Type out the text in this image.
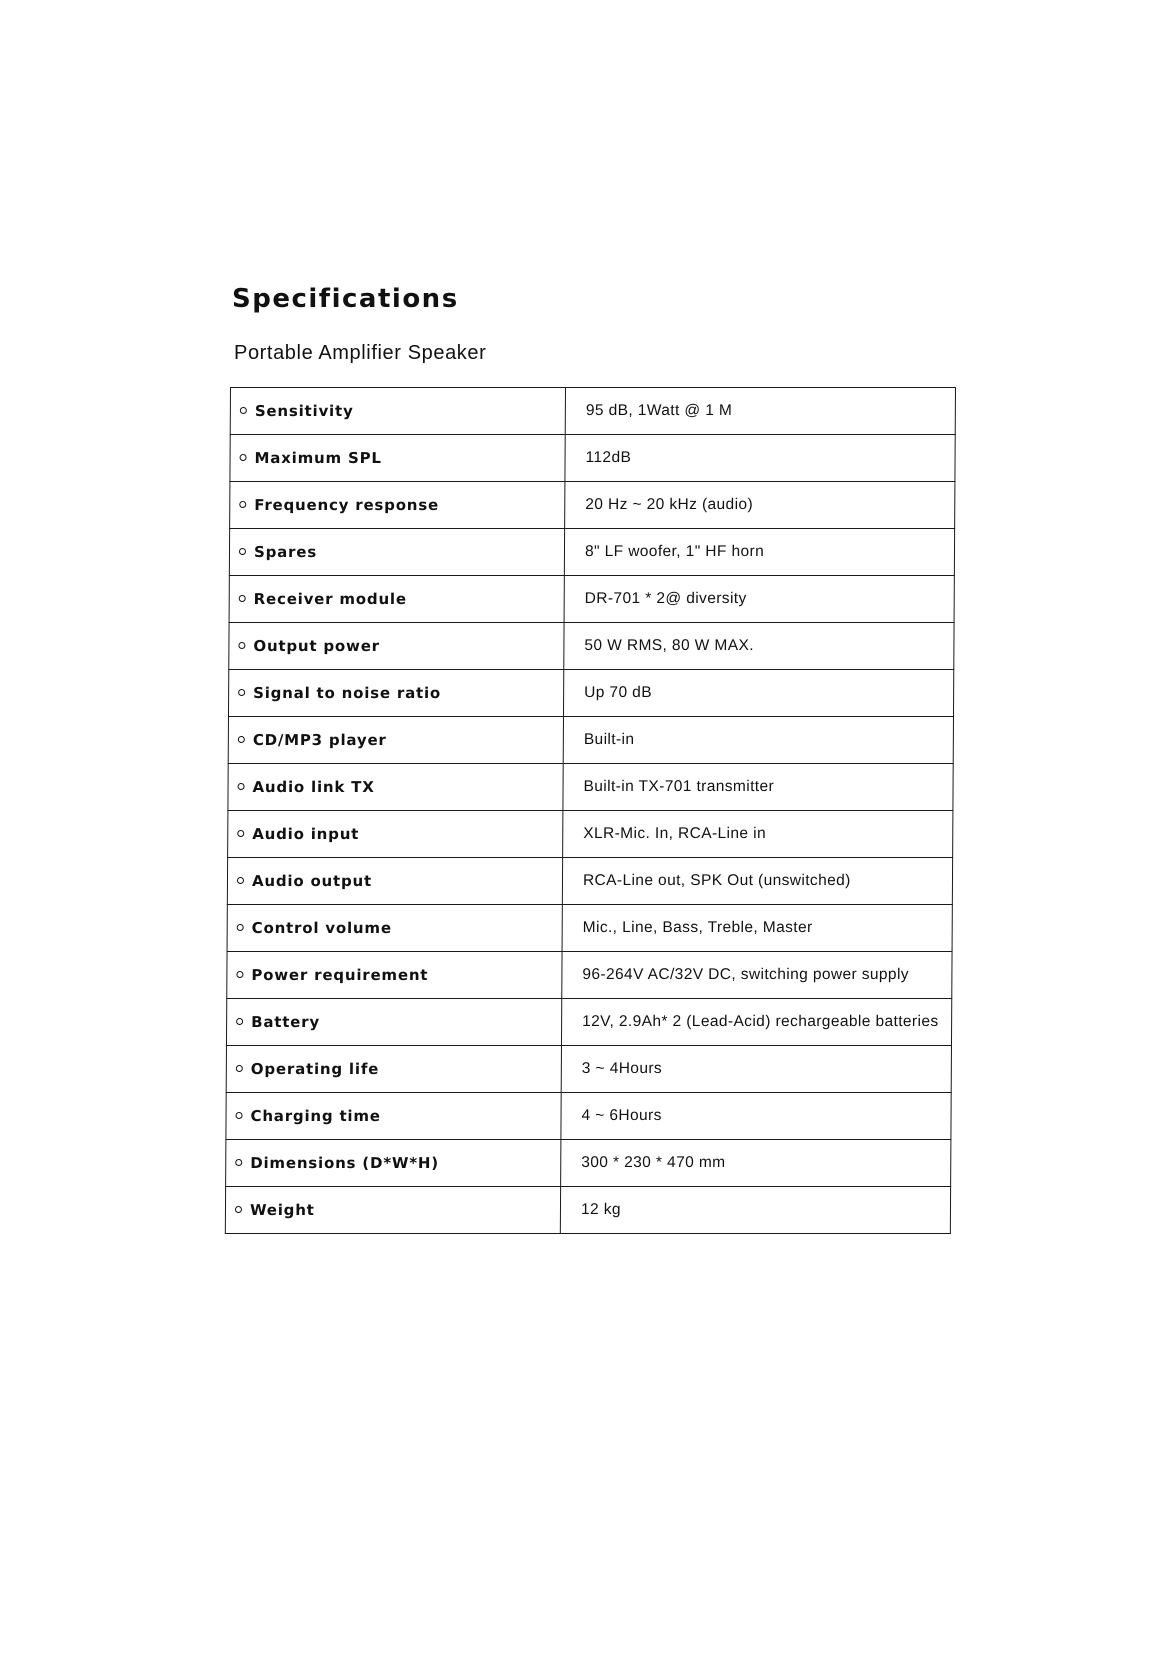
Specifications
Portable Amplifier Speaker
Sensitivity	95 dB, 1Watt @ 1 M
Maximum SPL	112dB
Frequency response	20 Hz ~ 20 kHz (audio)
Spares	8" LF woofer, 1" HF horn
Receiver module	DR-701 * 2@ diversity
Output power	50 W RMS, 80 W MAX.
Signal to noise ratio	Up 70 dB
CD/MP3 player	Built-in
Audio link TX	Built-in TX-701 transmitter
Audio input	XLR-Mic. In, RCA-Line in
Audio output	RCA-Line out, SPK Out (unswitched)
Control volume	Mic., Line, Bass, Treble, Master
Power requirement	96-264V AC/32V DC, switching power supply
Battery	12V, 2.9Ah* 2 (Lead-Acid) rechargeable batteries
Operating life	3 ~ 4Hours
Charging time	4 ~ 6Hours
Dimensions (D*W*H)	300 * 230 * 470 mm
Weight	12 kg
